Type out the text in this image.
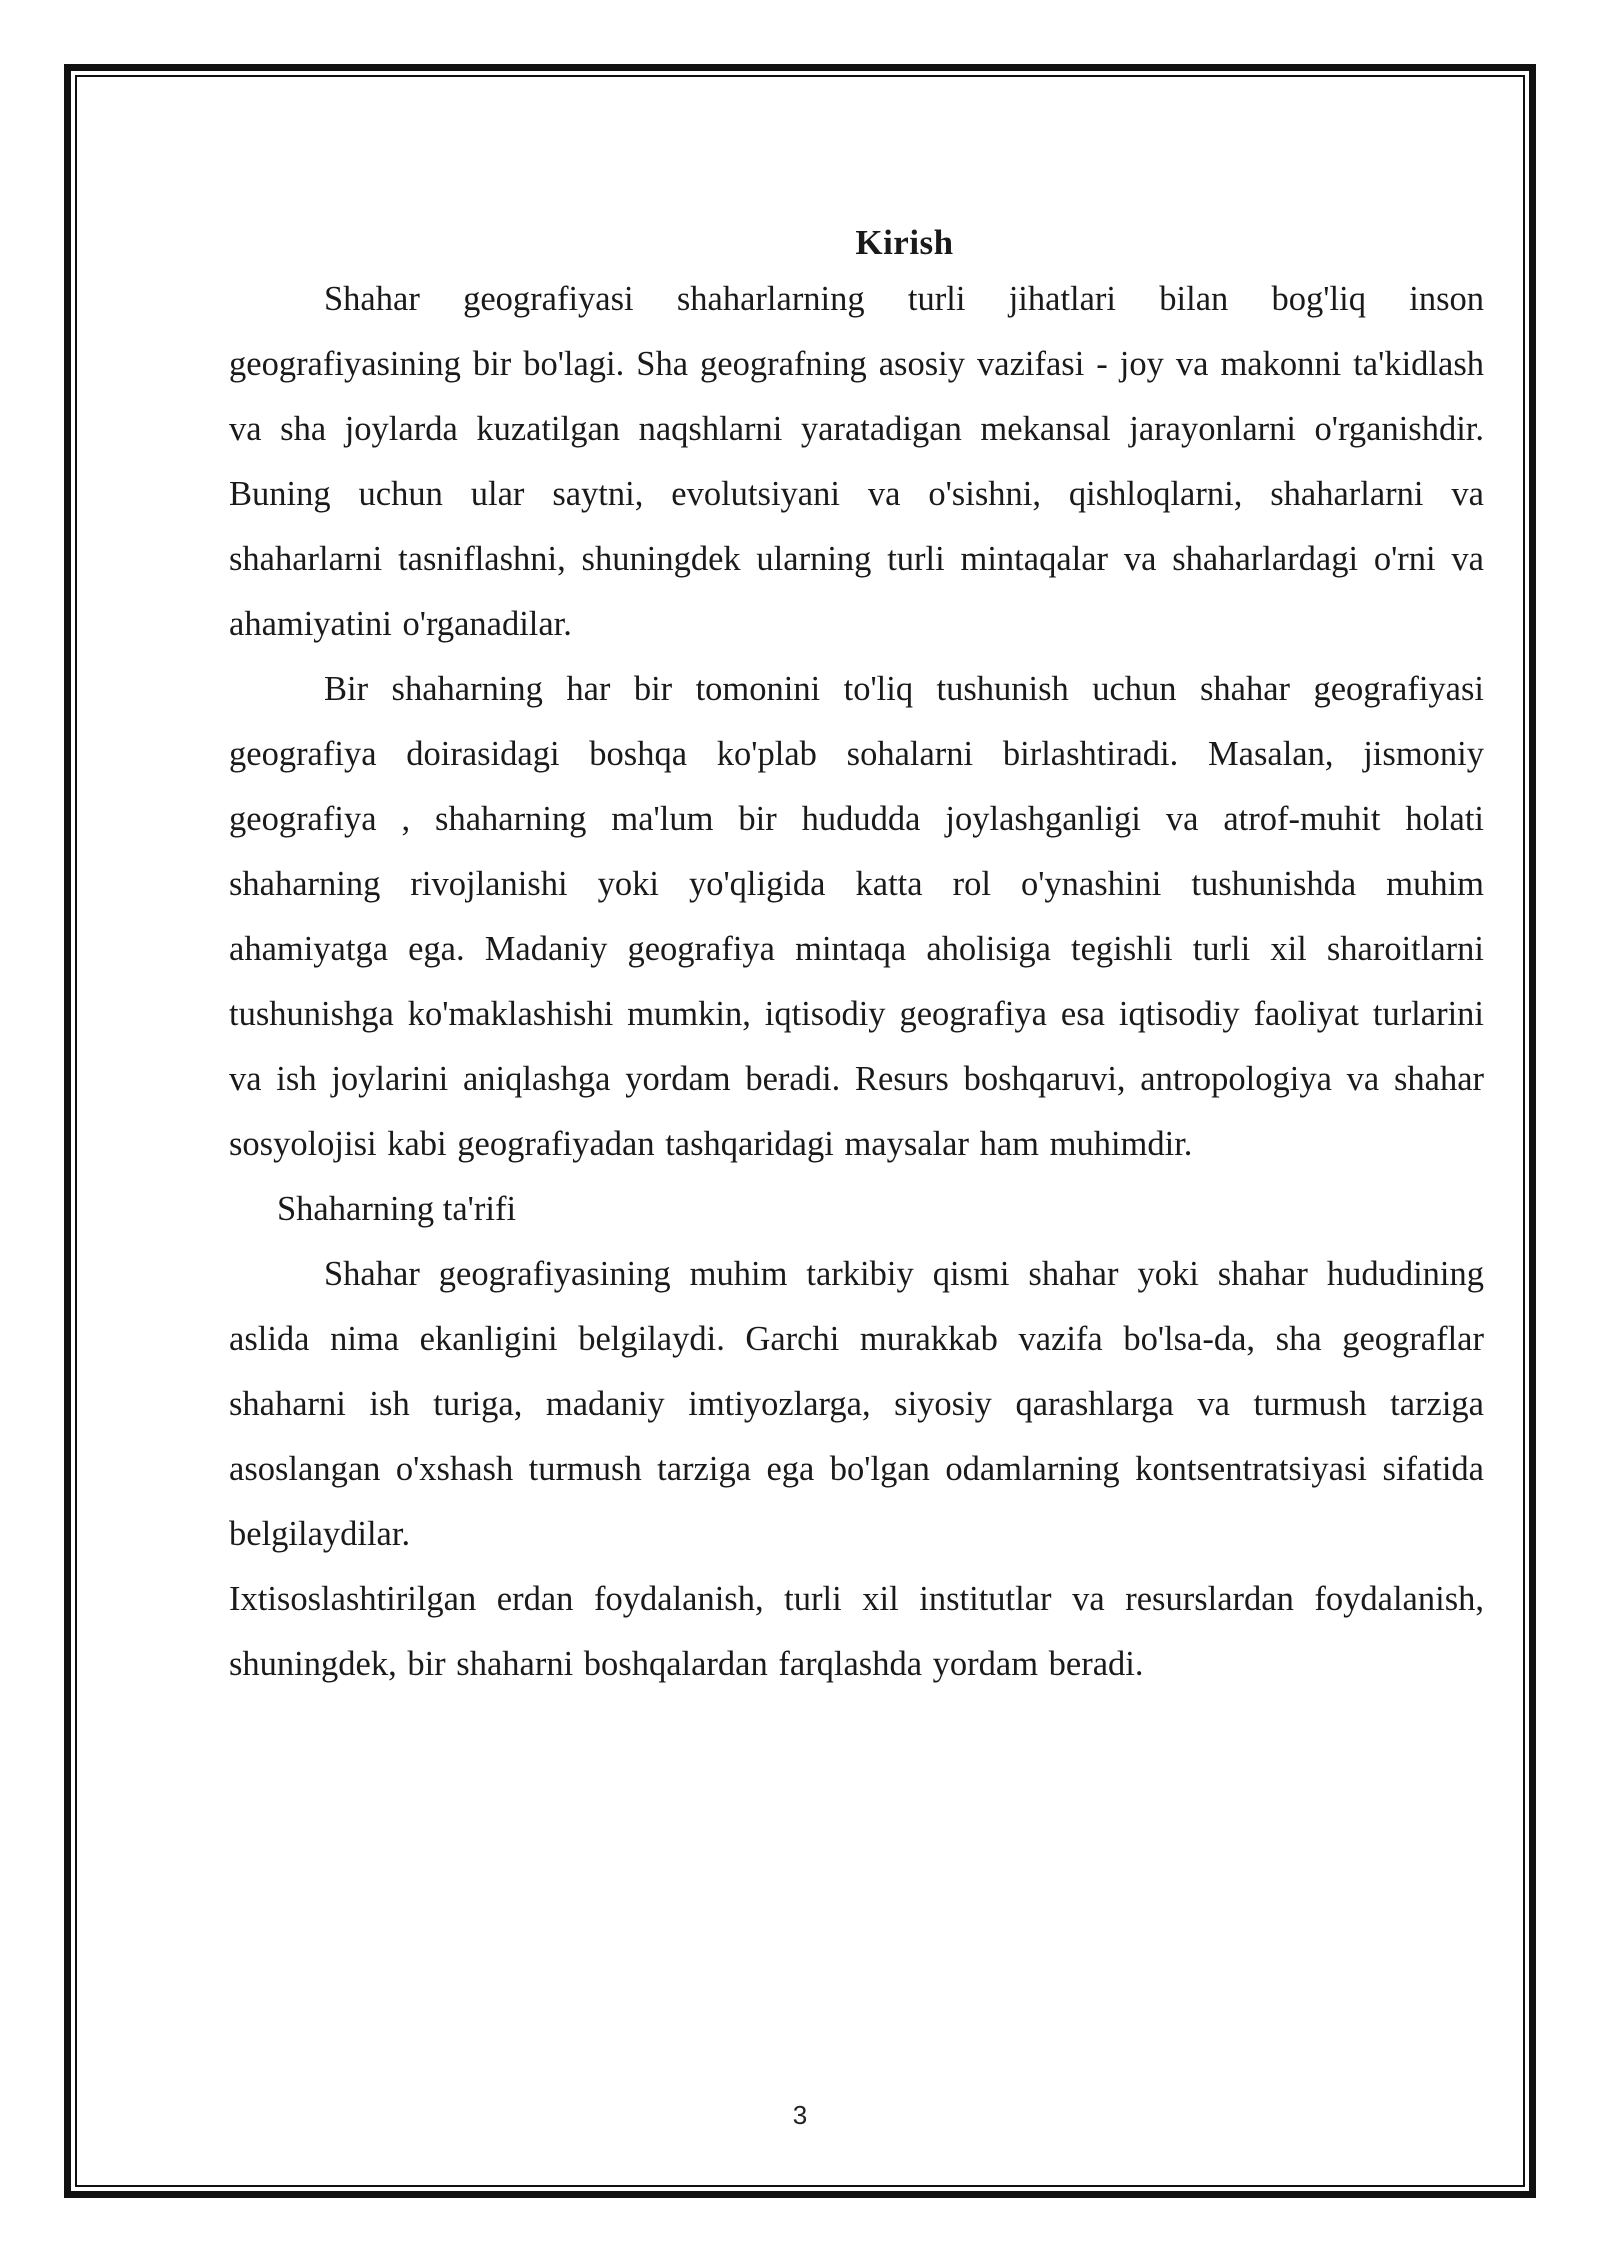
Kirish

Shahar geografiyasi shaharlarning turli jihatlari bilan bog'liq inson geografiyasining bir bo'lagi. Sha geografning asosiy vazifasi - joy va makonni ta'kidlash va sha joylarda kuzatilgan naqshlarni yaratadigan mekansal jarayonlarni o'rganishdir. Buning uchun ular saytni, evolutsiyani va o'sishni, qishloqlarni, shaharlarni va shaharlarni tasniflashni, shuningdek ularning turli mintaqalar va shaharlardagi o'rni va ahamiyatini o'rganadilar.

Bir shaharning har bir tomonini to'liq tushunish uchun shahar geografiyasi geografiya doirasidagi boshqa ko'plab sohalarni birlashtiradi. Masalan, jismoniy geografiya , shaharning ma'lum bir hududda joylashganligi va atrof-muhit holati shaharning rivojlanishi yoki yo'qligida katta rol o'ynashini tushunishda muhim ahamiyatga ega. Madaniy geografiya mintaqa aholisiga tegishli turli xil sharoitlarni tushunishga ko'maklashishi mumkin, iqtisodiy geografiya esa iqtisodiy faoliyat turlarini va ish joylarini aniqlashga yordam beradi. Resurs boshqaruvi, antropologiya va shahar sosyolojisi kabi geografiyadan tashqaridagi maysalar ham muhimdir.

Shaharning ta'rifi

Shahar geografiyasining muhim tarkibiy qismi shahar yoki shahar hududining aslida nima ekanligini belgilaydi. Garchi murakkab vazifa bo'lsa-da, sha geograflar shaharni ish turiga, madaniy imtiyozlarga, siyosiy qarashlarga va turmush tarziga asoslangan o'xshash turmush tarziga ega bo'lgan odamlarning kontsentratsiyasi sifatida belgilaydilar.

Ixtisoslashtirilgan erdan foydalanish, turli xil institutlar va resurslardan foydalanish, shuningdek, bir shaharni boshqalardan farqlashda yordam beradi.

3
